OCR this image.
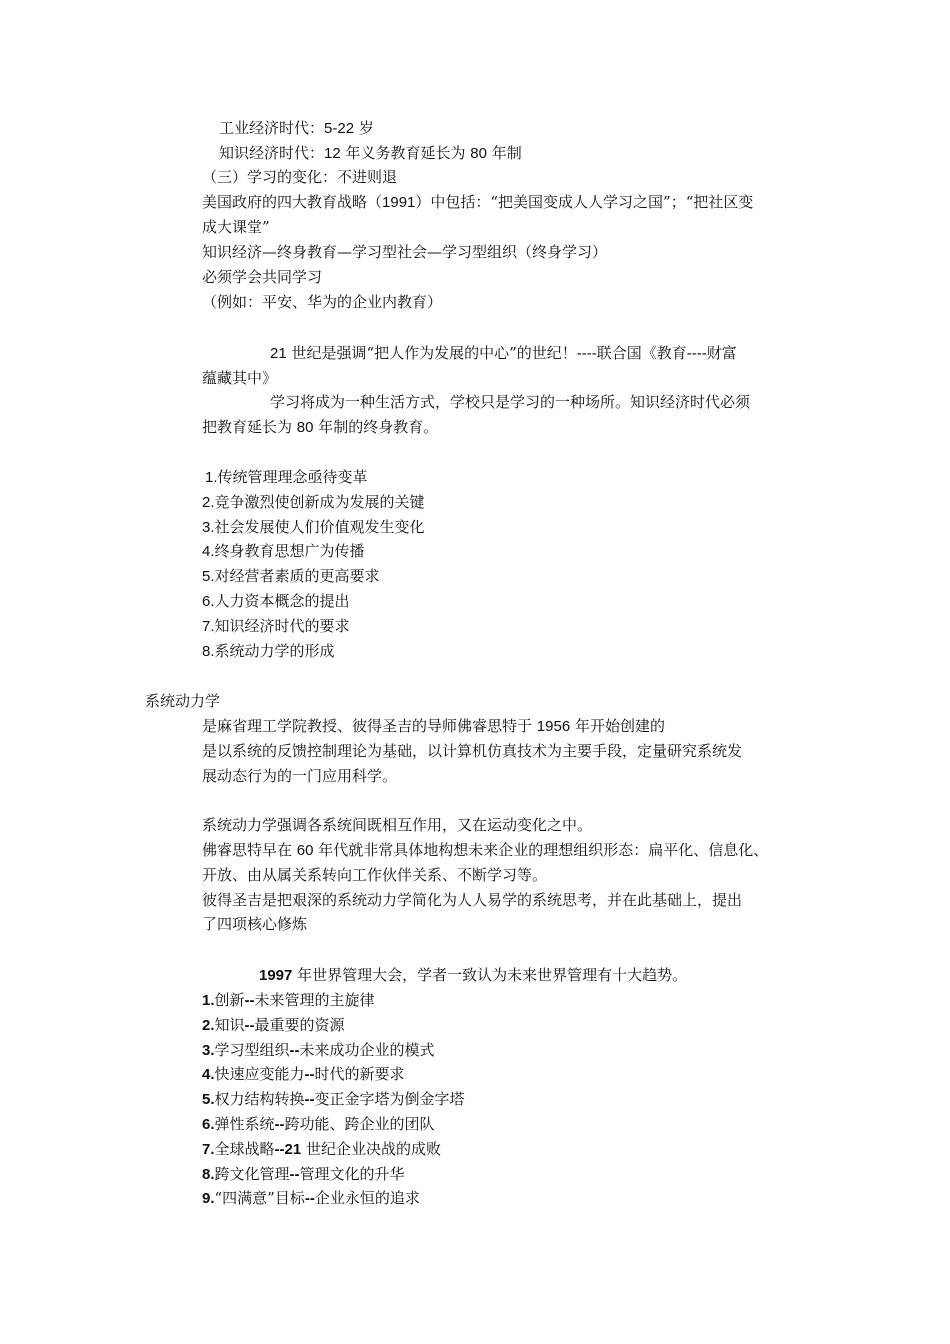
工业经济时代：5-22 岁
知识经济时代：12 年义务教育延长为 80 年制
（三）学习的变化：不进则退
美国政府的四大教育战略（1991）中包括：“把美国变成人人学习之国”；“把社区变
成大课堂”
知识经济—终身教育—学习型社会—学习型组织（终身学习）
必须学会共同学习
（例如：平安、华为的企业内教育）
21 世纪是强调“把人作为发展的中心”的世纪！----联合国《教育----财富
蕴藏其中》
学习将成为一种生活方式，学校只是学习的一种场所。知识经济时代必须
把教育延长为 80 年制的终身教育。
1.传统管理理念亟待变革
2.竞争激烈使创新成为发展的关键
3.社会发展使人们价值观发生变化
4.终身教育思想广为传播
5.对经营者素质的更高要求
6.人力资本概念的提出
7.知识经济时代的要求
8.系统动力学的形成
系统动力学
是麻省理工学院教授、彼得圣吉的导师佛睿思特于 1956 年开始创建的
是以系统的反馈控制理论为基础，以计算机仿真技术为主要手段，定量研究系统发
展动态行为的一门应用科学。
系统动力学强调各系统间既相互作用，又在运动变化之中。
佛睿思特早在 60 年代就非常具体地构想未来企业的理想组织形态：扁平化、信息化、
开放、由从属关系转向工作伙伴关系、不断学习等。
彼得圣吉是把艰深的系统动力学简化为人人易学的系统思考，并在此基础上，提出
了四项核心修炼
1997 年世界管理大会，学者一致认为未来世界管理有十大趋势。
1.创新--未来管理的主旋律
2.知识--最重要的资源
3.学习型组织--未来成功企业的模式
4.快速应变能力--时代的新要求
5.权力结构转换--变正金字塔为倒金字塔
6.弹性系统--跨功能、跨企业的团队
7.全球战略--21 世纪企业决战的成败
8.跨文化管理--管理文化的升华
9.“四满意”目标--企业永恒的追求
